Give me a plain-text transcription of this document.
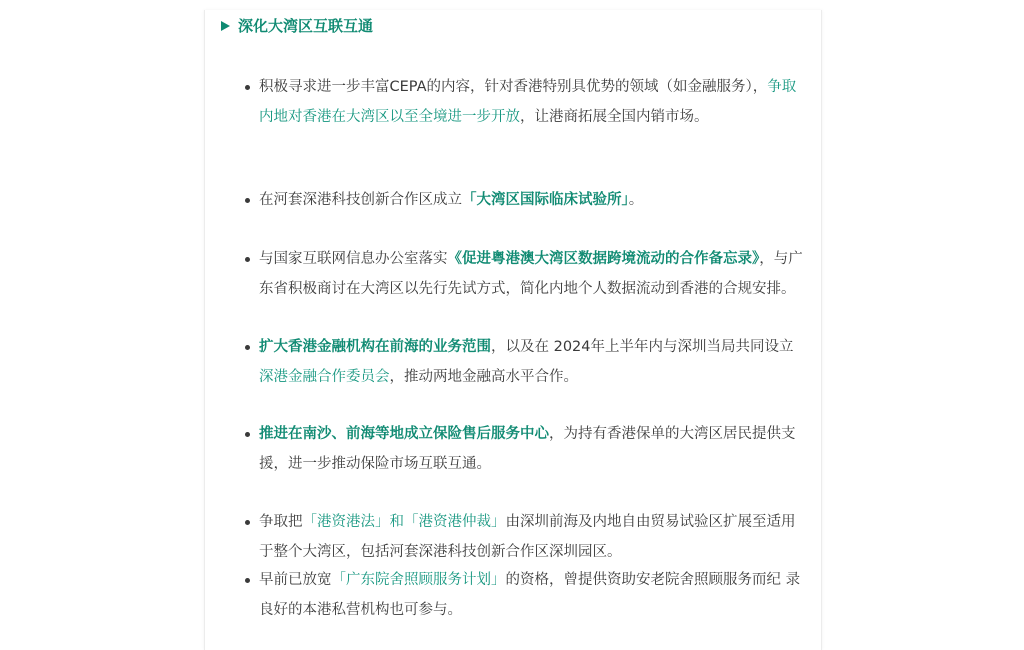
深化大湾区互联互通
积极寻求进一步丰富CEPA的内容，针对香港特别具优势的领域（如金融服务），争取内地对香港在大湾区以至全境进一步开放，让港商拓展全国内销市场。
在河套深港科技创新合作区成立「大湾区国际临床试验所」。
与国家互联网信息办公室落实《促进粤港澳大湾区数据跨境流动的合作备忘录》，与广东省积极商讨在大湾区以先行先试方式，简化内地个人数据流动到香港的合规安排。
扩大香港金融机构在前海的业务范围，以及在 2024年上半年内与深圳当局共同设立深港金融合作委员会，推动两地金融高水平合作。
推进在南沙、前海等地成立保险售后服务中心，为持有香港保单的大湾区居民提供支援，进一步推动保险市场互联互通。
争取把「港资港法」和「港资港仲裁」由深圳前海及内地自由贸易试验区扩展至适用于整个大湾区，包括河套深港科技创新合作区深圳园区。
早前已放宽「广东院舍照顾服务计划」的资格，曾提供资助安老院舍照顾服务而纪 录良好的本港私营机构也可参与。
